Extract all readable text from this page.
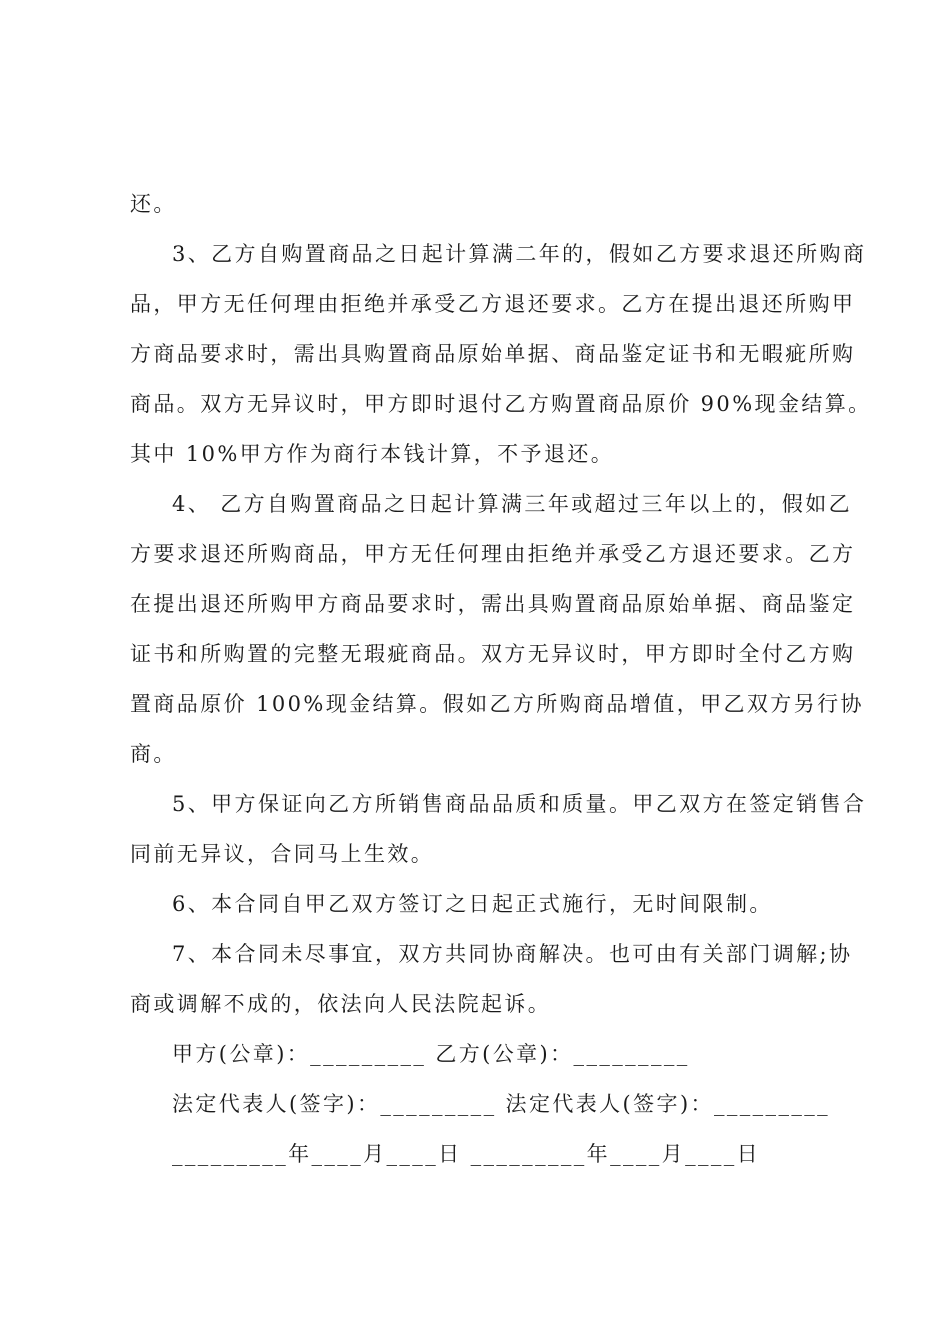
还。
3、乙方自购置商品之日起计算满二年的，假如乙方要求退还所购商
品，甲方无任何理由拒绝并承受乙方退还要求。乙方在提出退还所购甲
方商品要求时，需出具购置商品原始单据、商品鉴定证书和无暇疵所购
商品。双方无异议时，甲方即时退付乙方购置商品原价 90%现金结算。
其中 10%甲方作为商行本钱计算，不予退还。
4、 乙方自购置商品之日起计算满三年或超过三年以上的，假如乙
方要求退还所购商品，甲方无任何理由拒绝并承受乙方退还要求。乙方
在提出退还所购甲方商品要求时，需出具购置商品原始单据、商品鉴定
证书和所购置的完整无瑕疵商品。双方无异议时，甲方即时全付乙方购
置商品原价 100%现金结算。假如乙方所购商品增值，甲乙双方另行协
商。
5、甲方保证向乙方所销售商品品质和质量。甲乙双方在签定销售合
同前无异议，合同马上生效。
6、本合同自甲乙双方签订之日起正式施行，无时间限制。
7、本合同未尽事宜，双方共同协商解决。也可由有关部门调解;协
商或调解不成的，依法向人民法院起诉。
甲方(公章)：_________ 乙方(公章)：_________
法定代表人(签字)：_________ 法定代表人(签字)：_________
_________年____月____日 _________年____月____日
